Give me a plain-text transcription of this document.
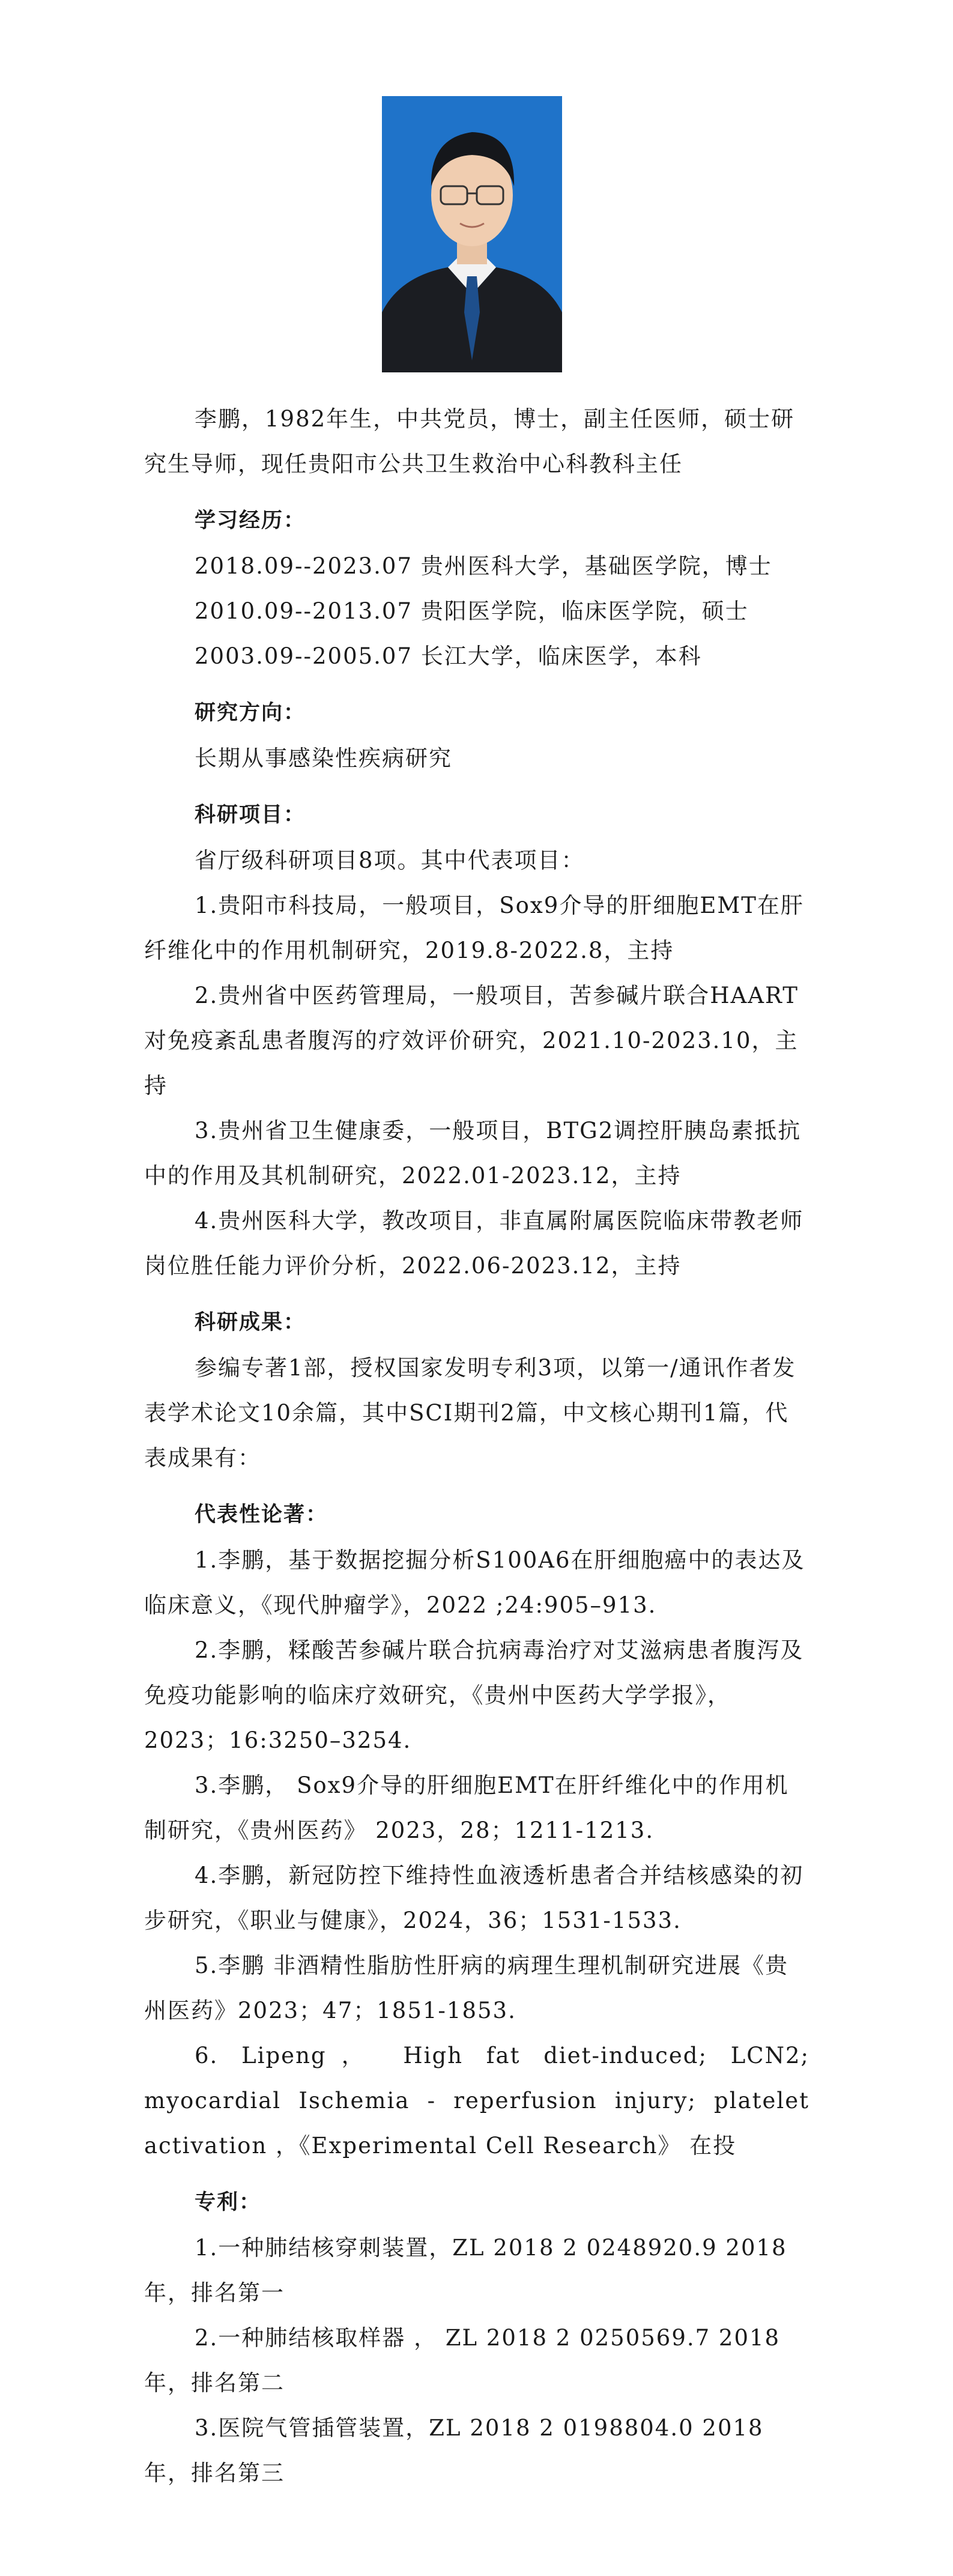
李鹏，1982年生，中共党员，博士，副主任医师，硕士研究生导师，现任贵阳市公共卫生救治中心科教科主任

学习经历：

2018.09--2023.07 贵州医科大学，基础医学院，博士

2010.09--2013.07 贵阳医学院，临床医学院，硕士

2003.09--2005.07 长江大学，临床医学，本科

研究方向：

长期从事感染性疾病研究

科研项目：

省厅级科研项目8项。其中代表项目：

1.贵阳市科技局，一般项目，Sox9介导的肝细胞EMT在肝纤维化中的作用机制研究，2019.8-2022.8，主持

2.贵州省中医药管理局，一般项目，苦参碱片联合HAART对免疫紊乱患者腹泻的疗效评价研究，2021.10-2023.10，主持

3.贵州省卫生健康委，一般项目，BTG2调控肝胰岛素抵抗中的作用及其机制研究，2022.01-2023.12，主持

4.贵州医科大学，教改项目，非直属附属医院临床带教老师岗位胜任能力评价分析，2022.06-2023.12，主持

科研成果：

参编专著1部，授权国家发明专利3项，以第一/通讯作者发表学术论文10余篇，其中SCI期刊2篇，中文核心期刊1篇，代表成果有：

代表性论著：

1.李鹏，基于数据挖掘分析S100A6在肝细胞癌中的表达及临床意义，《现代肿瘤学》，2022 ;24:905–913.

2.李鹏，糅酸苦参碱片联合抗病毒治疗对艾滋病患者腹泻及免疫功能影响的临床疗效研究，《贵州中医药大学学报》，2023；16:3250–3254.

3.李鹏， Sox9介导的肝细胞EMT在肝纤维化中的作用机制研究，《贵州医药》 2023，28；1211-1213.

4.李鹏，新冠防控下维持性血液透析患者合并结核感染的初步研究，《职业与健康》，2024，36；1531-1533.

5.李鹏 非酒精性脂肪性肝病的病理生理机制研究进展《贵州医药》2023；47；1851-1853.

6. Lipeng， High fat diet-induced; LCN2; myocardial Ischemia - reperfusion injury; platelet activation ，《Experimental Cell Research》 在投

专利：

1.一种肺结核穿刺装置，ZL 2018 2 0248920.9 2018年，排名第一

2.一种肺结核取样器 ， ZL 2018 2 0250569.7 2018年，排名第二

3.医院气管插管装置，ZL 2018 2 0198804.0 2018年，排名第三
